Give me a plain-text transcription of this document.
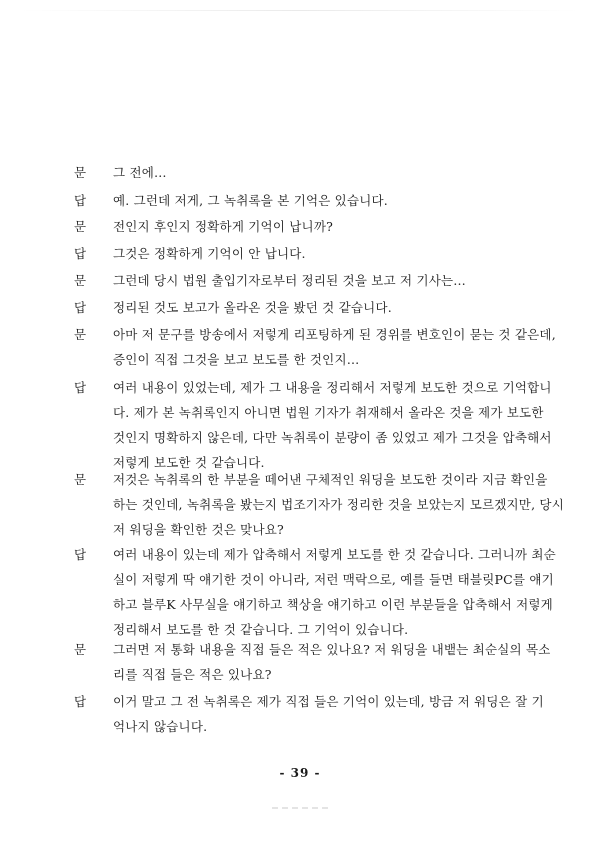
문	그 전에…
답	예. 그런데 저게, 그 녹취록을 본 기억은 있습니다.
문	전인지 후인지 정확하게 기억이 납니까?
답	그것은 정확하게 기억이 안 납니다.
문	그런데 당시 법원 출입기자로부터 정리된 것을 보고 저 기사는…
답	정리된 것도 보고가 올라온 것을 봤던 것 같습니다.
문	아마 저 문구를 방송에서 저렇게 리포팅하게 된 경위를 변호인이 묻는 것 같은데,
증인이 직접 그것을 보고 보도를 한 것인지…
답	여러 내용이 있었는데, 제가 그 내용을 정리해서 저렇게 보도한 것으로 기억합니
다. 제가 본 녹취록인지 아니면 법원 기자가 취재해서 올라온 것을 제가 보도한
것인지 명확하지 않은데, 다만 녹취록이 분량이 좀 있었고 제가 그것을 압축해서
저렇게 보도한 것 같습니다.
문	저것은 녹취록의 한 부분을 떼어낸 구체적인 워딩을 보도한 것이라 지금 확인을
하는 것인데, 녹취록을 봤는지 법조기자가 정리한 것을 보았는지 모르겠지만, 당시
저 워딩을 확인한 것은 맞나요?
답	여러 내용이 있는데 제가 압축해서 저렇게 보도를 한 것 같습니다. 그러니까 최순
실이 저렇게 딱 얘기한 것이 아니라, 저런 맥락으로, 예를 들면 태블릿PC를 얘기
하고 블루K 사무실을 얘기하고 책상을 얘기하고 이런 부분들을 압축해서 저렇게
정리해서 보도를 한 것 같습니다. 그 기억이 있습니다.
문	그러면 저 통화 내용을 직접 들은 적은 있나요? 저 워딩을 내뱉는 최순실의 목소
리를 직접 들은 적은 있나요?
답	이거 말고 그 전 녹취록은 제가 직접 들은 기억이 있는데, 방금 저 워딩은 잘 기
억나지 않습니다.
- 39 -
